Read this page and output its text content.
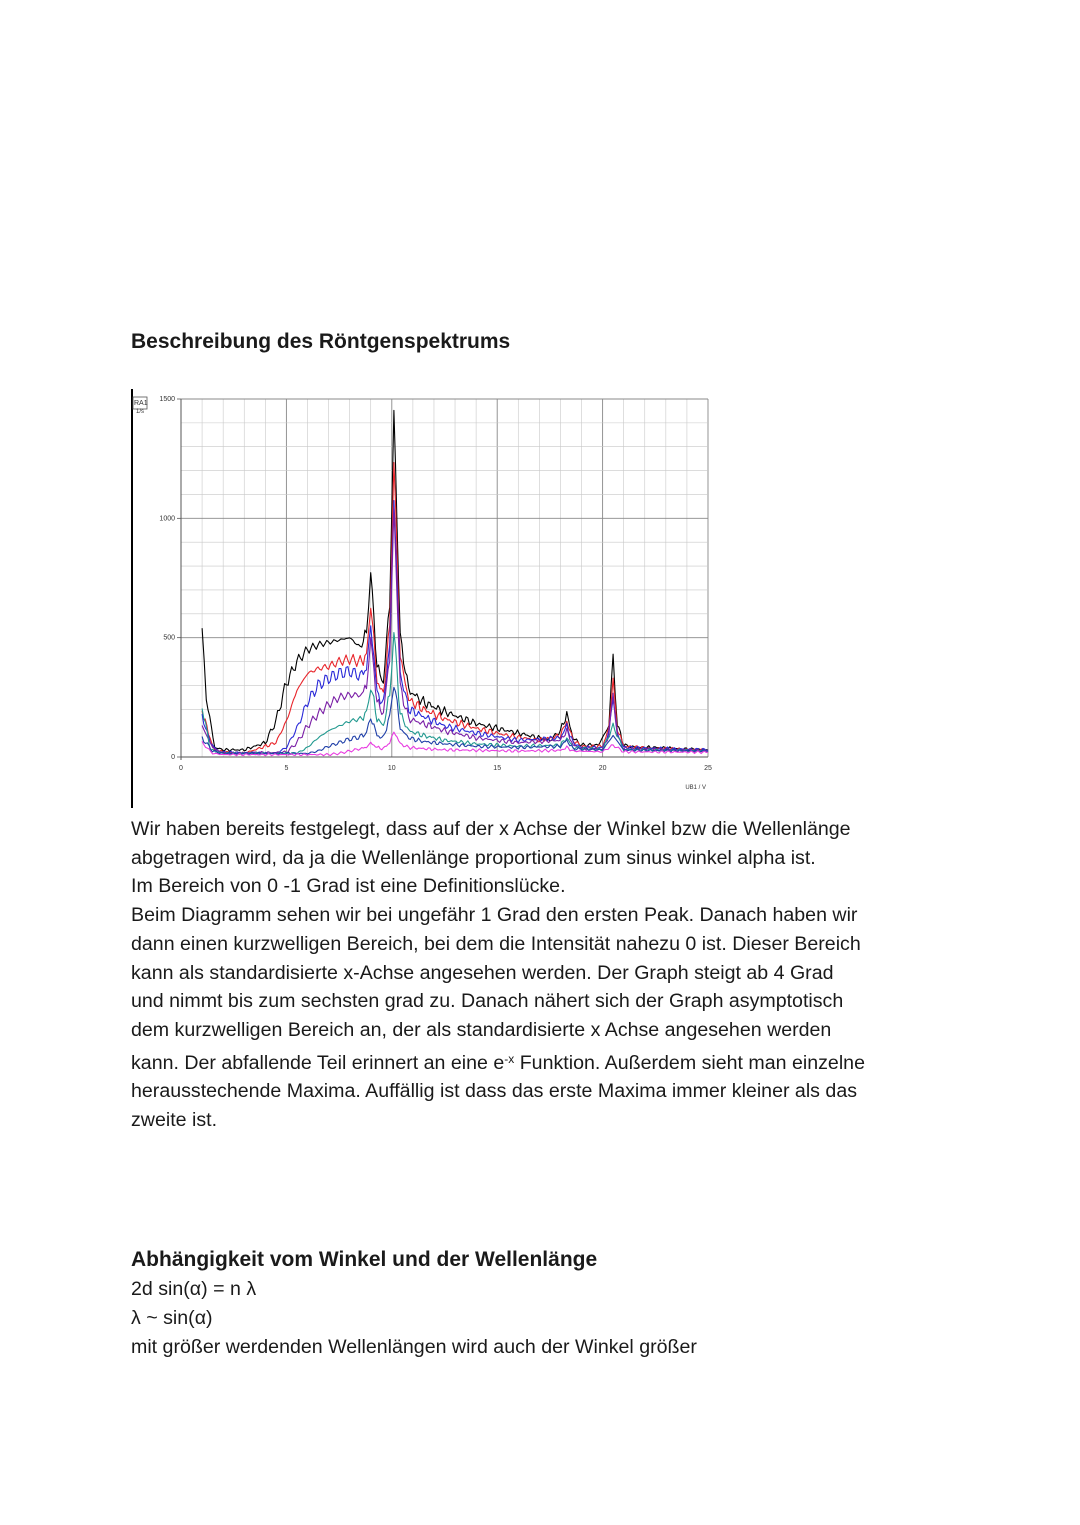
Beschreibung des Röntgenspektrums
RA1
1/s
0
500
1000
1500
0	5	10	15	20	25
UB1 / V

Wir haben bereits festgelegt, dass auf der x Achse der Winkel bzw die Wellenlänge

abgetragen wird, da ja die Wellenlänge proportional zum sinus winkel alpha ist.

Im Bereich von 0 -1 Grad ist eine Definitionslücke.

Beim Diagramm sehen wir bei ungefähr 1 Grad den ersten Peak. Danach haben wir

dann einen kurzwelligen Bereich, bei dem die Intensität nahezu 0 ist. Dieser Bereich

kann als standardisierte x-Achse angesehen werden. Der Graph steigt ab 4 Grad

und nimmt bis zum sechsten grad zu. Danach nähert sich der Graph asymptotisch

dem kurzwelligen Bereich an, der als standardisierte x Achse angesehen werden

kann. Der abfallende Teil erinnert an eine $e^{-x}$ Funktion. Außerdem sieht man einzelne

herausstechende Maxima. Auffällig ist dass das erste Maxima immer kleiner als das

zweite ist.

Abhängigkeit vom Winkel und der Wellenlänge

2d sin(α) = n λ

λ ~ sin(α)

mit größer werdenden Wellenlängen wird auch der Winkel größer
